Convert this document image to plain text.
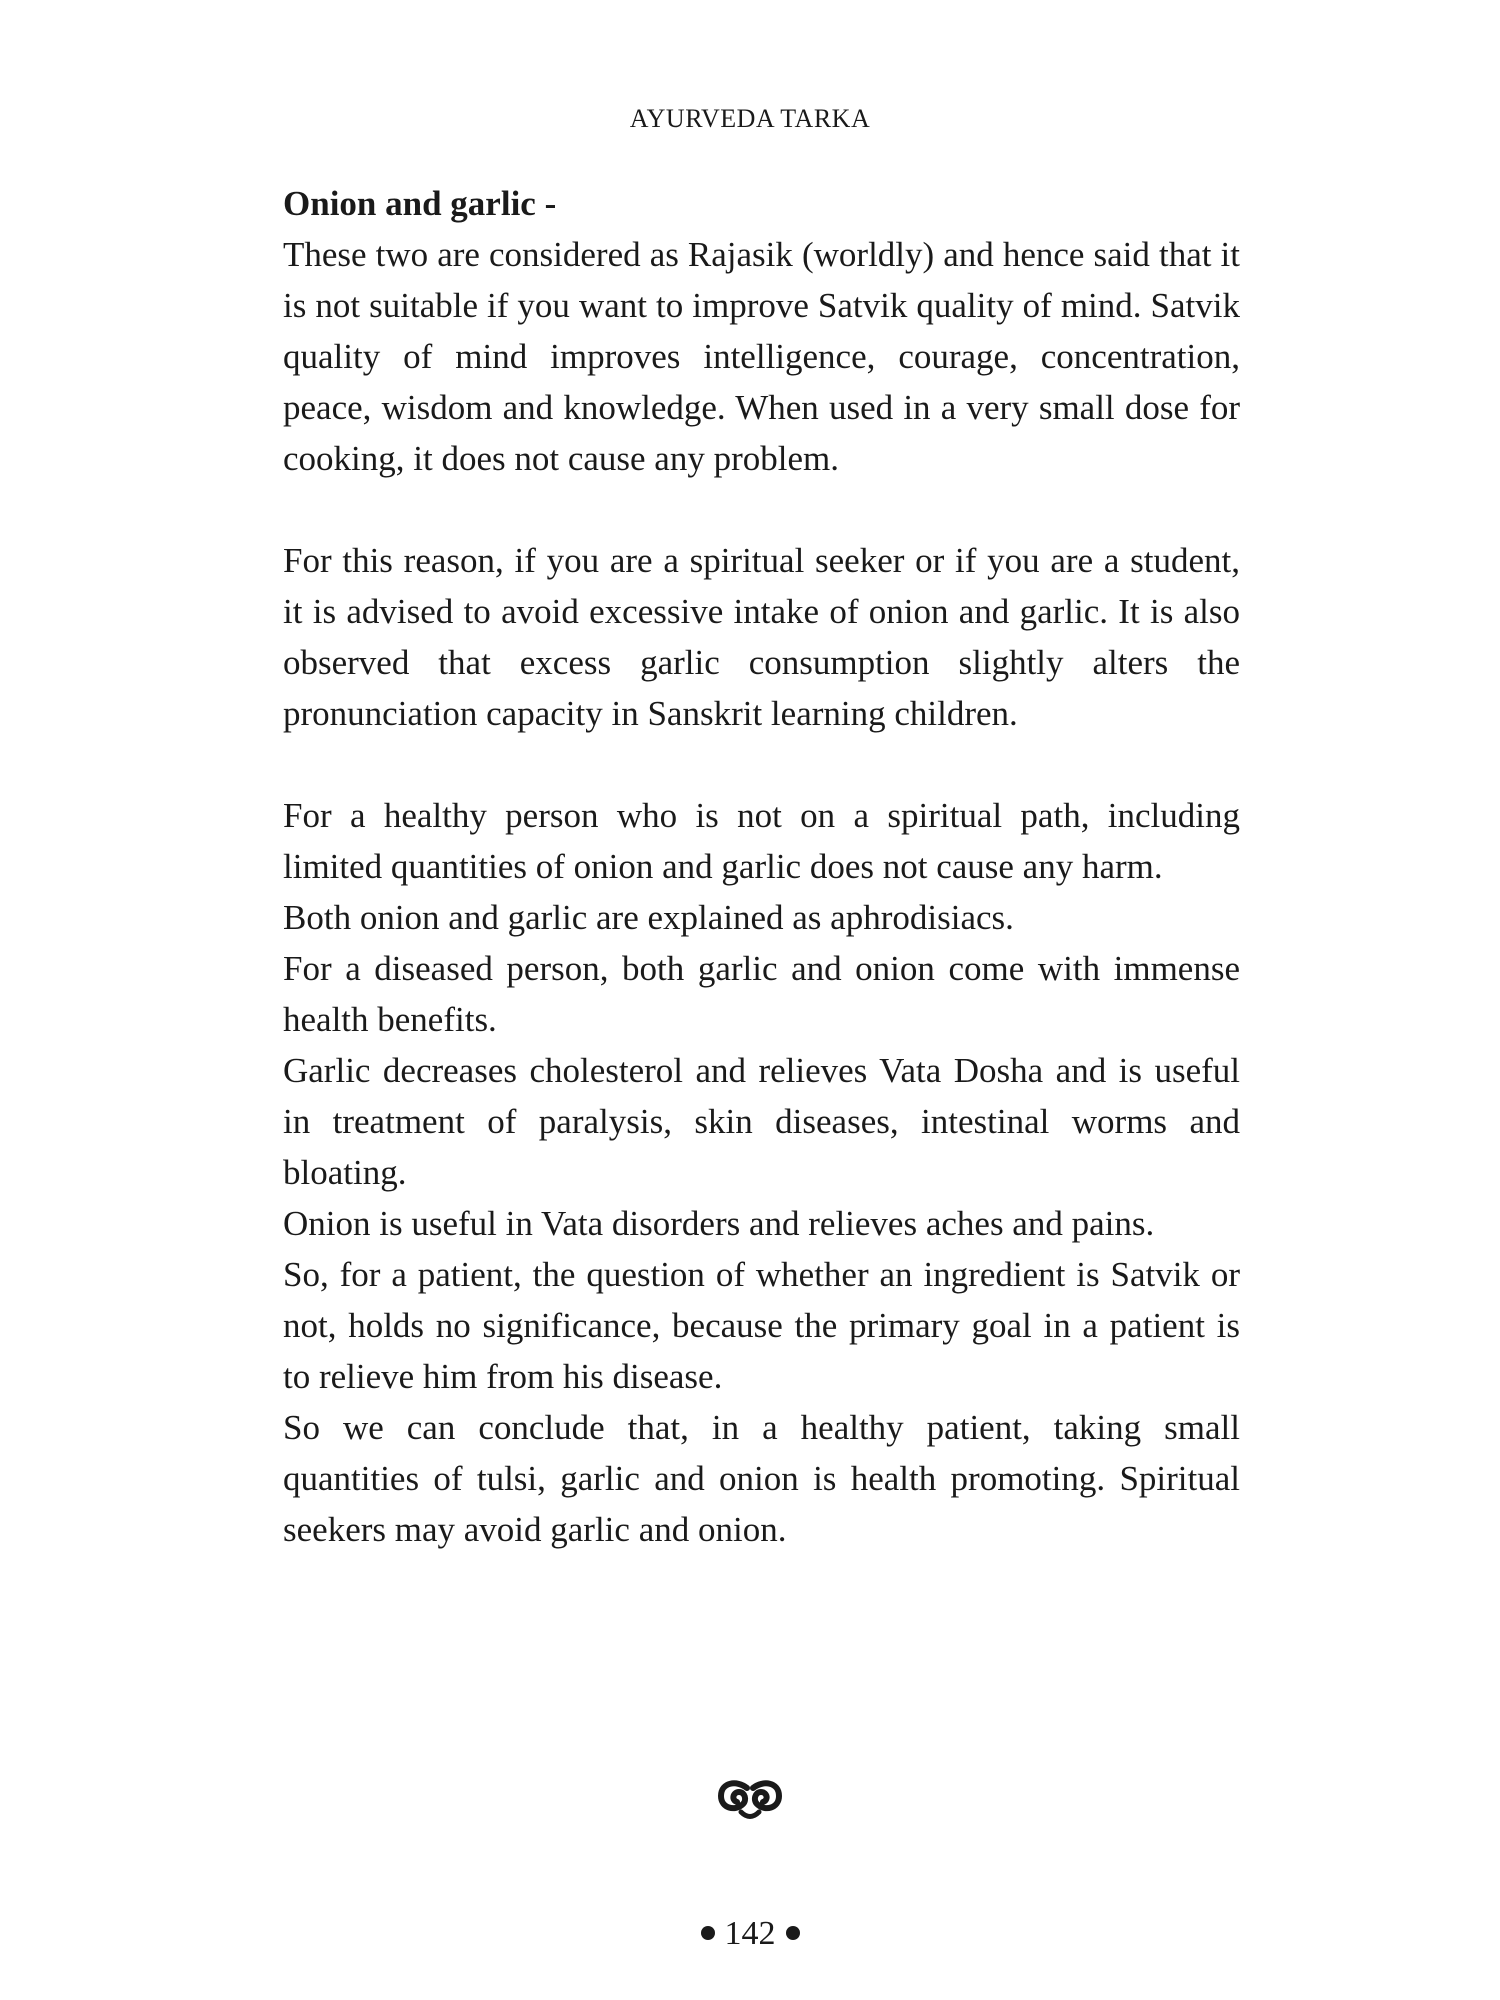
AYURVEDA TARKA
Onion and garlic -

These two are considered as Rajasik (worldly) and hence said that it is not suitable if you want to improve Satvik quality of mind. Satvik quality of mind improves intelligence, courage, concentration, peace, wisdom and knowledge. When used in a very small dose for cooking, it does not cause any problem.

For this reason, if you are a spiritual seeker or if you are a student, it is advised to avoid excessive intake of onion and garlic. It is also observed that excess garlic consumption slightly alters the pronunciation capacity in Sanskrit learning children.

For a healthy person who is not on a spiritual path, including limited quantities of onion and garlic does not cause any harm.

Both onion and garlic are explained as aphrodisiacs.

For a diseased person, both garlic and onion come with immense health benefits.

Garlic decreases cholesterol and relieves Vata Dosha and is useful in treatment of paralysis, skin diseases, intestinal worms and bloating.

Onion is useful in Vata disorders and relieves aches and pains.

So, for a patient, the question of whether an ingredient is Satvik or not, holds no significance, because the primary goal in a patient is to relieve him from his disease.

So we can conclude that, in a healthy patient, taking small quantities of tulsi, garlic and onion is health promoting. Spiritual seekers may avoid garlic and onion.

142
